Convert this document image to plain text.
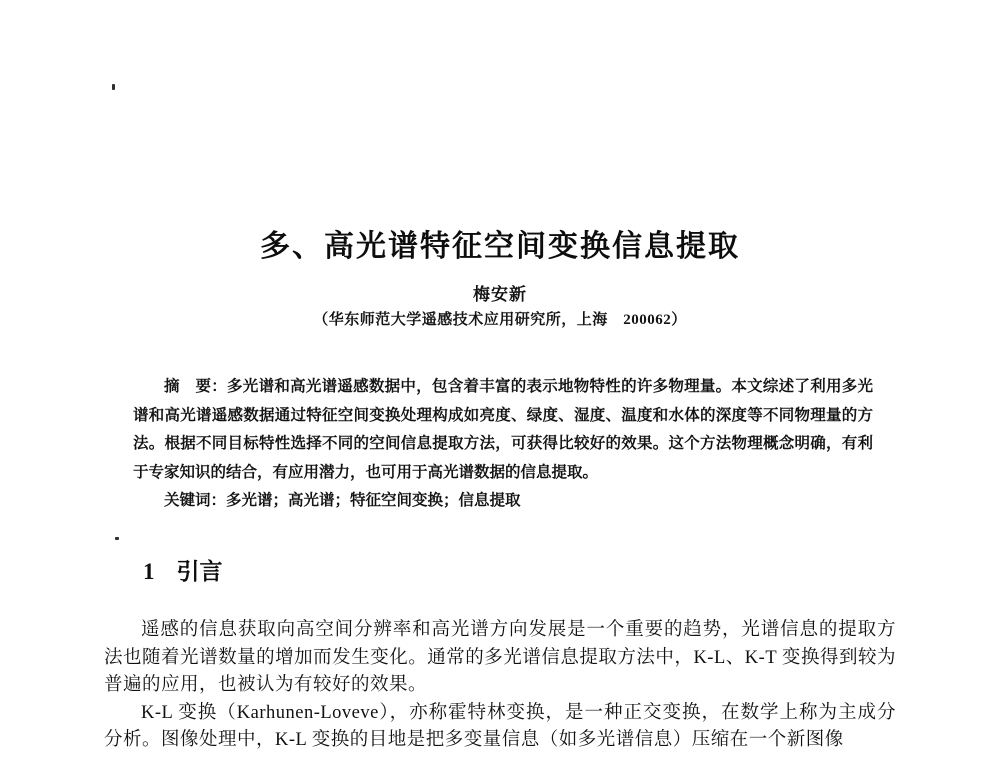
多、高光谱特征空间变换信息提取
梅安新
（华东师范大学遥感技术应用研究所，上海　200062）

摘　要：多光谱和高光谱遥感数据中，包含着丰富的表示地物特性的许多物理量。本文综述了利用多光谱和高光谱遥感数据通过特征空间变换处理构成如亮度、绿度、湿度、温度和水体的深度等不同物理量的方法。根据不同目标特性选择不同的空间信息提取方法，可获得比较好的效果。这个方法物理概念明确，有利于专家知识的结合，有应用潜力，也可用于高光谱数据的信息提取。

关键词：多光谱；高光谱；特征空间变换；信息提取

1 引言

遥感的信息获取向高空间分辨率和高光谱方向发展是一个重要的趋势，光谱信息的提取方法也随着光谱数量的增加而发生变化。通常的多光谱信息提取方法中，K-L、K-T 变换得到较为普遍的应用，也被认为有较好的效果。

K-L 变换（Karhunen-Loveve），亦称霍特林变换，是一种正交变换，在数学上称为主成分分析。图像处理中，K-L 变换的目地是把多变量信息（如多光谱信息）压缩在一个新图像
